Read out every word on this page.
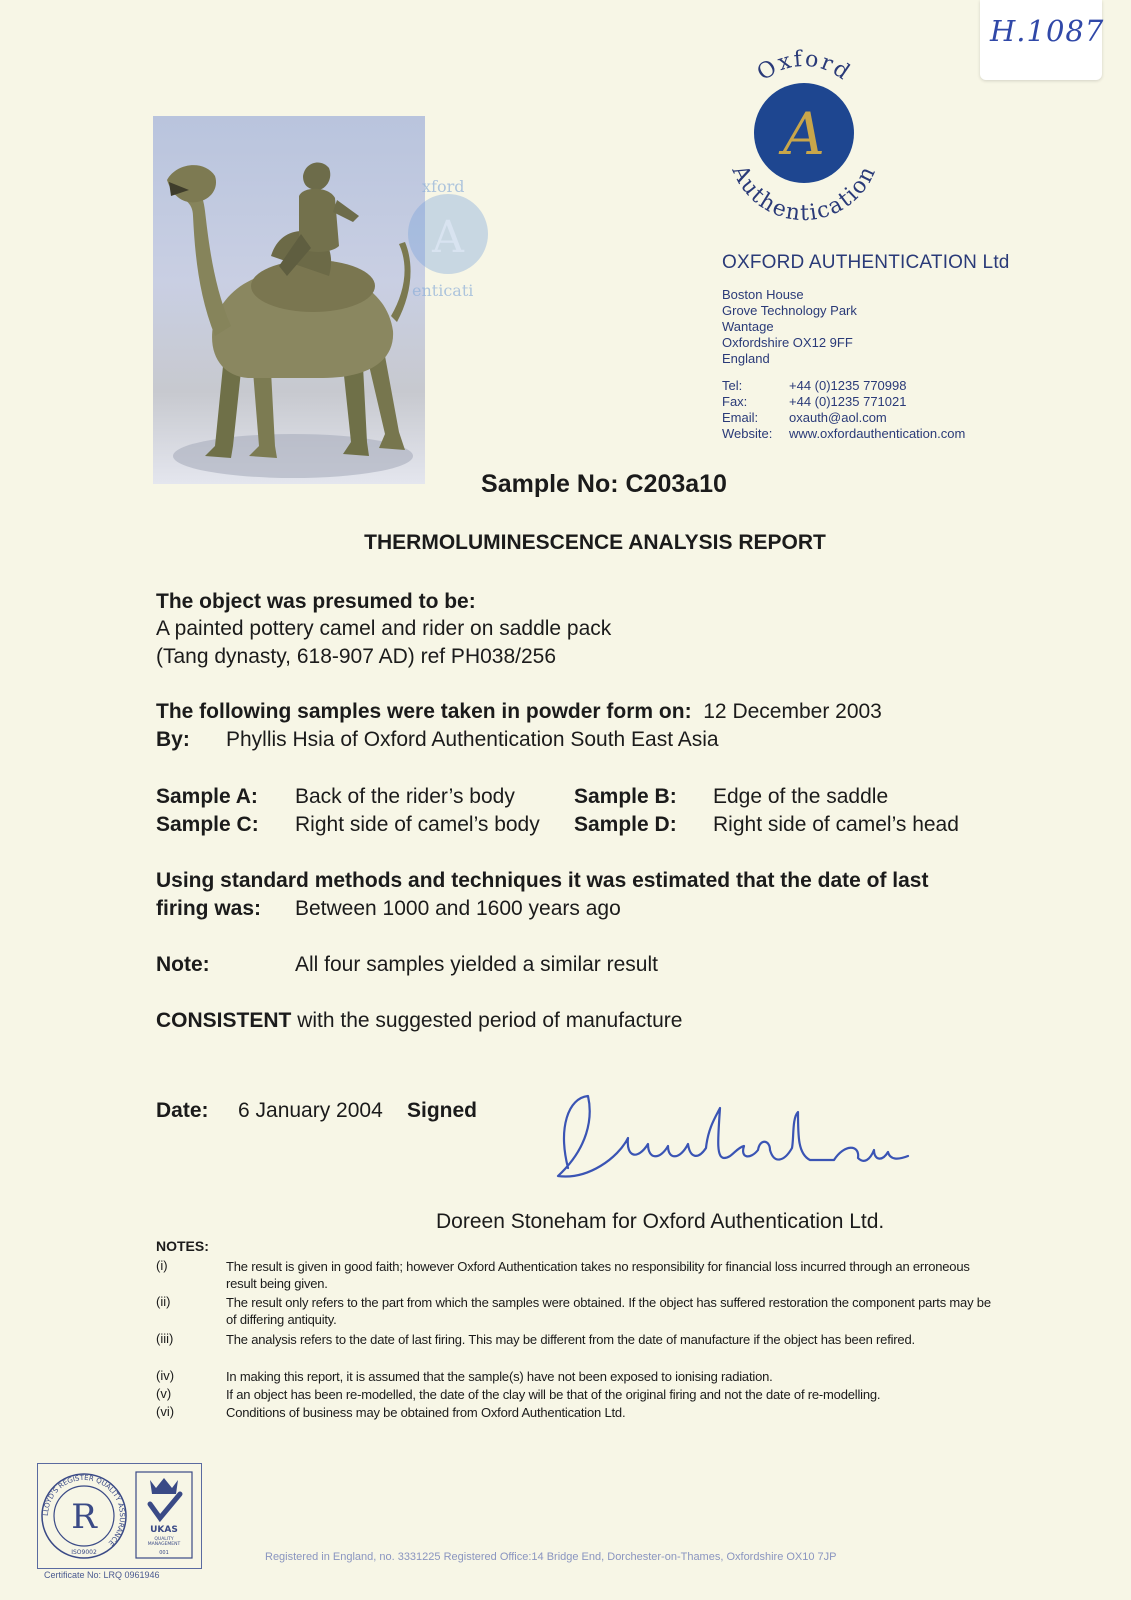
H.1087
A
xford
enticati
Oxford
A
Authentication
OXFORD AUTHENTICATION Ltd
Boston House
Grove Technology Park
Wantage
Oxfordshire OX12 9FF
England
Tel:	+44 (0)1235 770998
Fax:	+44 (0)1235 771021
Email: oxauth@aol.com
Website: www.oxfordauthentication.com
Sample No: C203a10
THERMOLUMINESCENCE ANALYSIS REPORT
The object was presumed to be:
A painted pottery camel and rider on saddle pack
(Tang dynasty, 618-907 AD) ref PH038/256
The following samples were taken in powder form on: 12 December 2003
By: Phyllis Hsia of Oxford Authentication South East Asia
Sample A: Back of the rider’s body	Sample B: Edge of the saddle
Sample C: Right side of camel’s body Sample D: Right side of camel’s head
Using standard methods and techniques it was estimated that the date of last
firing was: Between 1000 and 1600 years ago
Note:	All four samples yielded a similar result
CONSISTENT with the suggested period of manufacture
Date: 6 January 2004 Signed
Doreen Stoneham for Oxford Authentication Ltd.
NOTES:
(i)	The result is given in good faith; however Oxford Authentication takes no responsibility for financial loss incurred through an erroneous result being given.
(ii)	The result only refers to the part from which the samples were obtained. If the object has suffered restoration the component parts may be of differing antiquity.
(iii)	The analysis refers to the date of last firing. This may be different from the date of manufacture if the object has been refired.
(iv)	In making this report, it is assumed that the sample(s) have not been exposed to ionising radiation.
(v)	If an object has been re-modelled, the date of the clay will be that of the original firing and not the date of re-modelling.
(vi)	Conditions of business may be obtained from Oxford Authentication Ltd.
LLOYD'S REGISTER QUALITY ASSURANCE
R
ISO9002
UKAS
QUALITY
MANAGEMENT
001
Certificate No: LRQ 0961946
Registered in England, no. 3331225 Registered Office:14 Bridge End, Dorchester-on-Thames, Oxfordshire OX10 7JP
